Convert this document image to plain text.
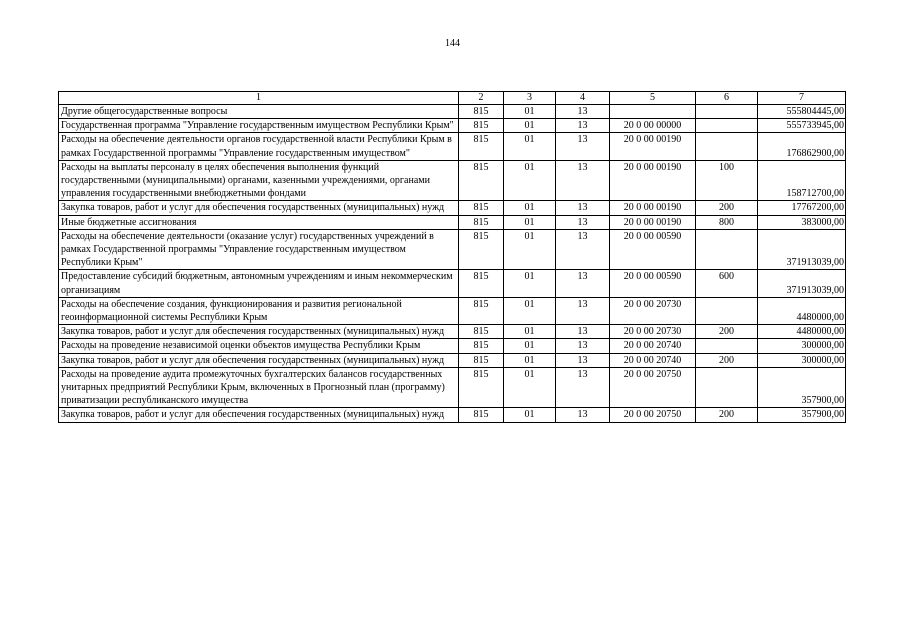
144
1	2	3	4	5	6	7
Другие общегосударственные вопросы	815	01	13			555804445,00
Государственная программа "Управление государственным имуществом Республики Крым"	815	01	13	20 0 00 00000		555733945,00
Расходы на обеспечение деятельности органов государственной власти Республики Крым в рамках Государственной программы "Управление государственным имуществом"	815	01	13	20 0 00 00190		176862900,00
Расходы на выплаты персоналу в целях обеспечения выполнения функций государственными (муниципальными) органами, казенными учреждениями, органами управления государственными внебюджетными фондами	815	01	13	20 0 00 00190	100	158712700,00
Закупка товаров, работ и услуг для обеспечения государственных (муниципальных) нужд	815	01	13	20 0 00 00190	200	17767200,00
Иные бюджетные ассигнования	815	01	13	20 0 00 00190	800	383000,00
Расходы на обеспечение деятельности (оказание услуг) государственных учреждений в рамках Государственной программы "Управление государственным имуществом Республики Крым"	815	01	13	20 0 00 00590		371913039,00
Предоставление субсидий бюджетным, автономным учреждениям и иным некоммерческим организациям	815	01	13	20 0 00 00590	600	371913039,00
Расходы на обеспечение создания, функционирования и развития региональной геоинформационной системы Республики Крым	815	01	13	20 0 00 20730		4480000,00
Закупка товаров, работ и услуг для обеспечения государственных (муниципальных) нужд	815	01	13	20 0 00 20730	200	4480000,00
Расходы на проведение независимой оценки объектов имущества Республики Крым	815	01	13	20 0 00 20740		300000,00
Закупка товаров, работ и услуг для обеспечения государственных (муниципальных) нужд	815	01	13	20 0 00 20740	200	300000,00
Расходы на проведение аудита промежуточных бухгалтерских балансов государственных унитарных предприятий Республики Крым, включенных в Прогнозный план (программу) приватизации республиканского имущества	815	01	13	20 0 00 20750		357900,00
Закупка товаров, работ и услуг для обеспечения государственных (муниципальных) нужд	815	01	13	20 0 00 20750	200	357900,00
